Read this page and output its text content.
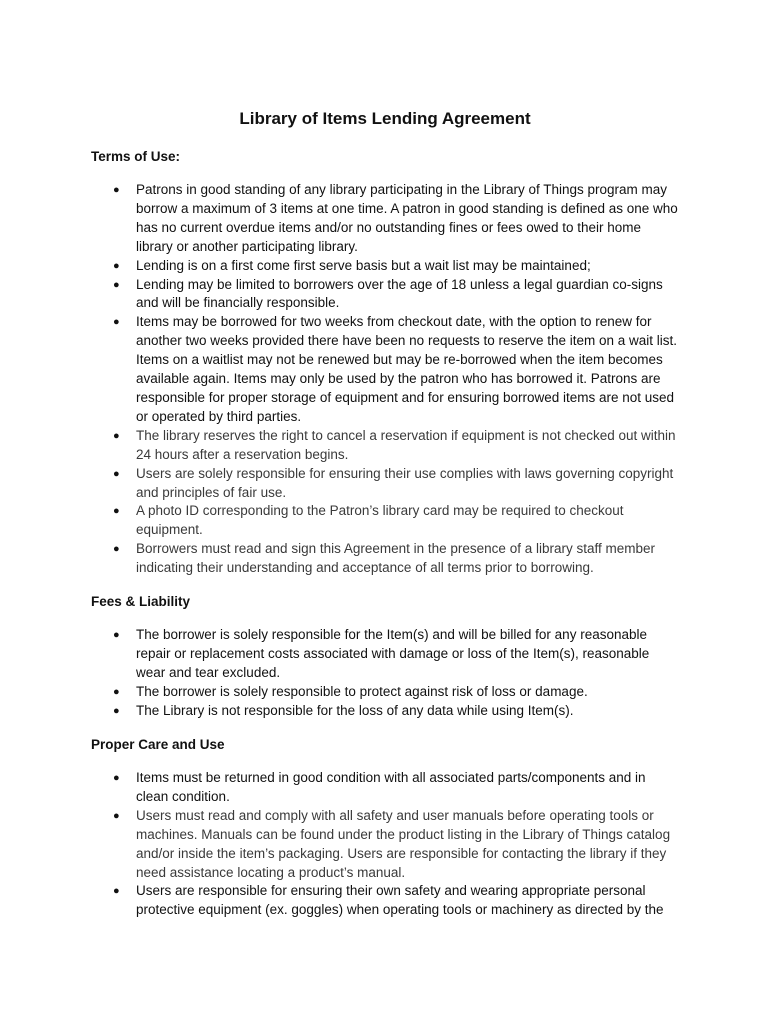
Library of Items Lending Agreement
Terms of Use:
● Patrons in good standing of any library participating in the Library of Things program may borrow a maximum of 3 items at one time. A patron in good standing is defined as one who has no current overdue items and/or no outstanding fines or fees owed to their home library or another participating library.
● Lending is on a first come first serve basis but a wait list may be maintained;
● Lending may be limited to borrowers over the age of 18 unless a legal guardian co-signs and will be financially responsible.
● Items may be borrowed for two weeks from checkout date, with the option to renew for another two weeks provided there have been no requests to reserve the item on a wait list. Items on a waitlist may not be renewed but may be re-borrowed when the item becomes available again. Items may only be used by the patron who has borrowed it. Patrons are responsible for proper storage of equipment and for ensuring borrowed items are not used or operated by third parties.
● The library reserves the right to cancel a reservation if equipment is not checked out within 24 hours after a reservation begins.
● Users are solely responsible for ensuring their use complies with laws governing copyright and principles of fair use.
● A photo ID corresponding to the Patron’s library card may be required to checkout equipment.
● Borrowers must read and sign this Agreement in the presence of a library staff member indicating their understanding and acceptance of all terms prior to borrowing.
Fees & Liability
● The borrower is solely responsible for the Item(s) and will be billed for any reasonable repair or replacement costs associated with damage or loss of the Item(s), reasonable wear and tear excluded.
● The borrower is solely responsible to protect against risk of loss or damage.
● The Library is not responsible for the loss of any data while using Item(s).
Proper Care and Use
● Items must be returned in good condition with all associated parts/components and in clean condition.
● Users must read and comply with all safety and user manuals before operating tools or machines. Manuals can be found under the product listing in the Library of Things catalog and/or inside the item’s packaging. Users are responsible for contacting the library if they need assistance locating a product’s manual.
● Users are responsible for ensuring their own safety and wearing appropriate personal protective equipment (ex. goggles) when operating tools or machinery as directed by the
